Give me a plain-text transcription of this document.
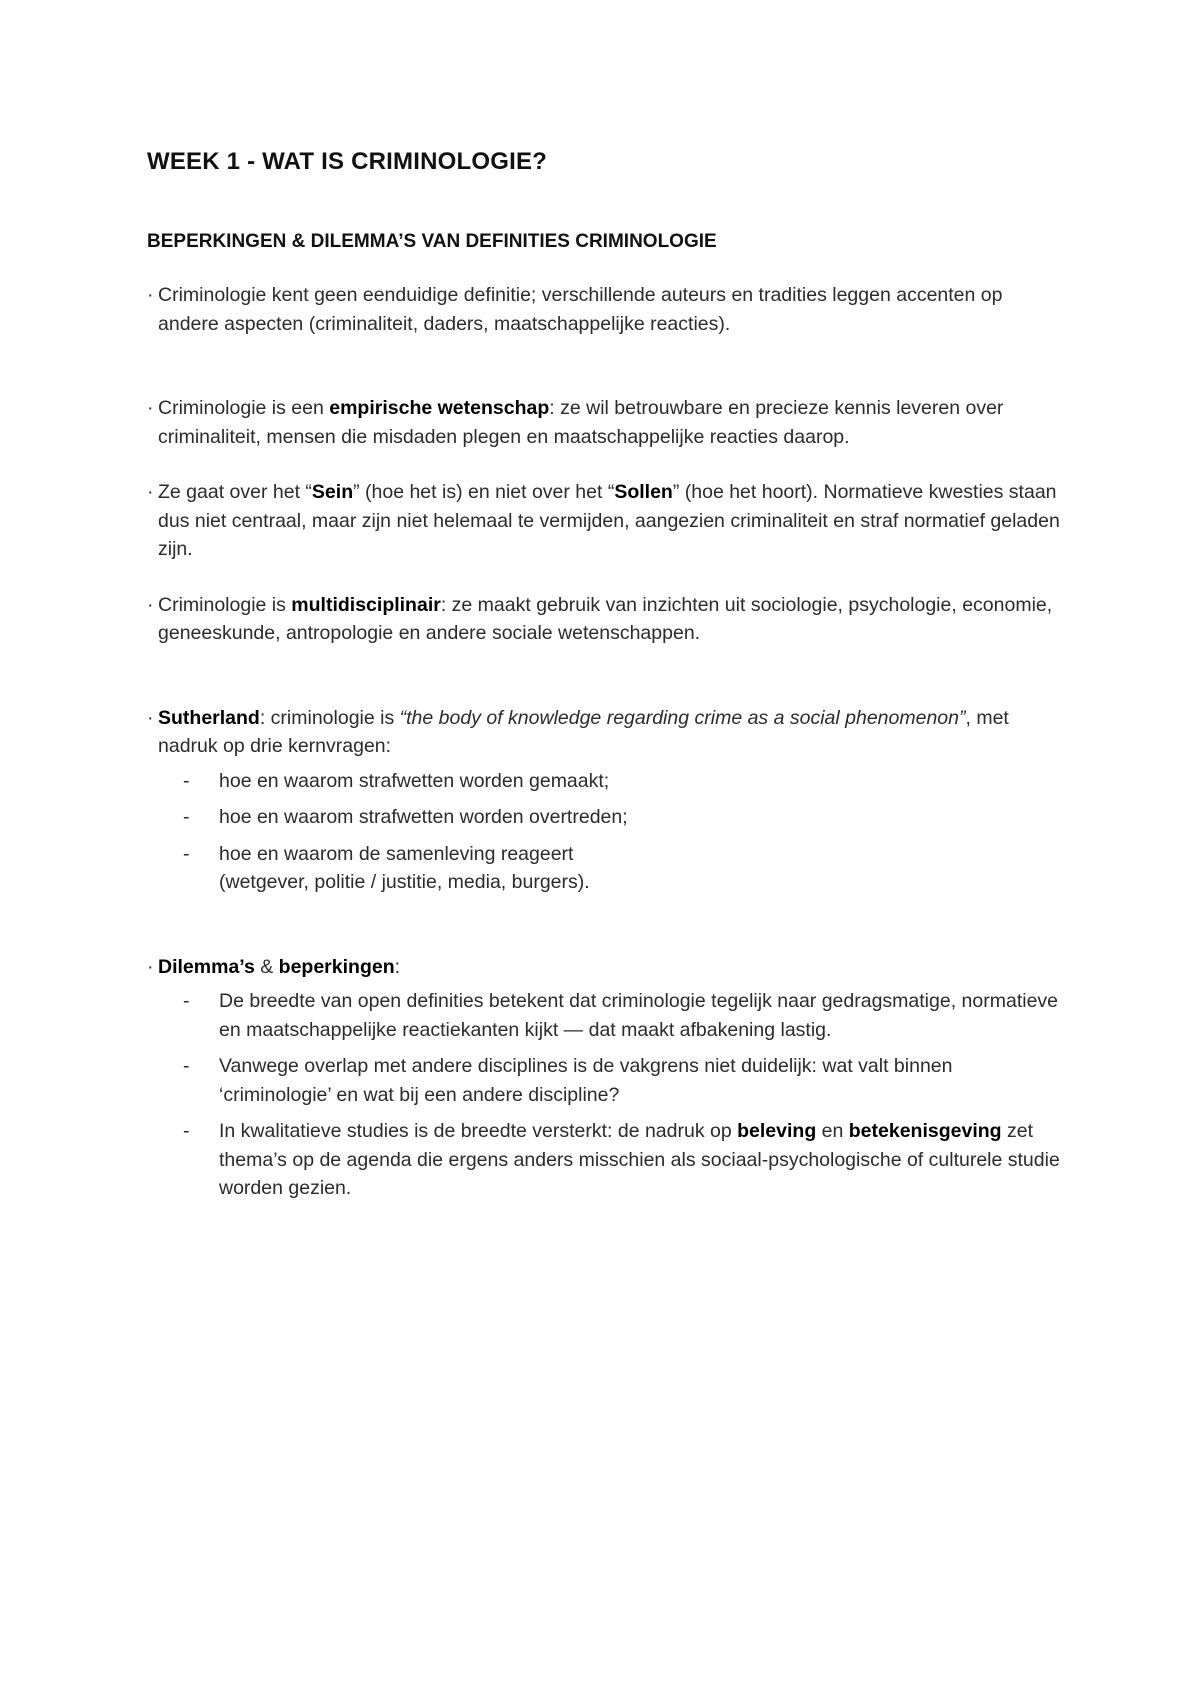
WEEK 1 - WAT IS CRIMINOLOGIE?
BEPERKINGEN & DILEMMA’S VAN DEFINITIES CRIMINOLOGIE

· Criminologie kent geen eenduidige definitie; verschillende auteurs en tradities leggen accenten op andere aspecten (criminaliteit, daders, maatschappelijke reacties).

· Criminologie is een empirische wetenschap: ze wil betrouwbare en precieze kennis leveren over criminaliteit, mensen die misdaden plegen en maatschappelijke reacties daarop.

· Ze gaat over het “Sein” (hoe het is) en niet over het “Sollen” (hoe het hoort). Normatieve kwesties staan dus niet centraal, maar zijn niet helemaal te vermijden, aangezien criminaliteit en straf normatief geladen zijn.

· Criminologie is multidisciplinair: ze maakt gebruik van inzichten uit sociologie, psychologie, economie, geneeskunde, antropologie en andere sociale wetenschappen.

· Sutherland: criminologie is “the body of knowledge regarding crime as a social phenomenon”, met nadruk op drie kernvragen:

- hoe en waarom strafwetten worden gemaakt;
- hoe en waarom strafwetten worden overtreden;
- hoe en waarom de samenleving reageert
(wetgever, politie / justitie, media, burgers).

· Dilemma’s & beperkingen:

- De breedte van open definities betekent dat criminologie tegelijk naar gedragsmatige, normatieve en maatschappelijke reactiekanten kijkt — dat maakt afbakening lastig.
- Vanwege overlap met andere disciplines is de vakgrens niet duidelijk: wat valt binnen ‘criminologie’ en wat bij een andere discipline?
- In kwalitatieve studies is de breedte versterkt: de nadruk op beleving en betekenisgeving zet thema’s op de agenda die ergens anders misschien als sociaal-psychologische of culturele studie worden gezien.
